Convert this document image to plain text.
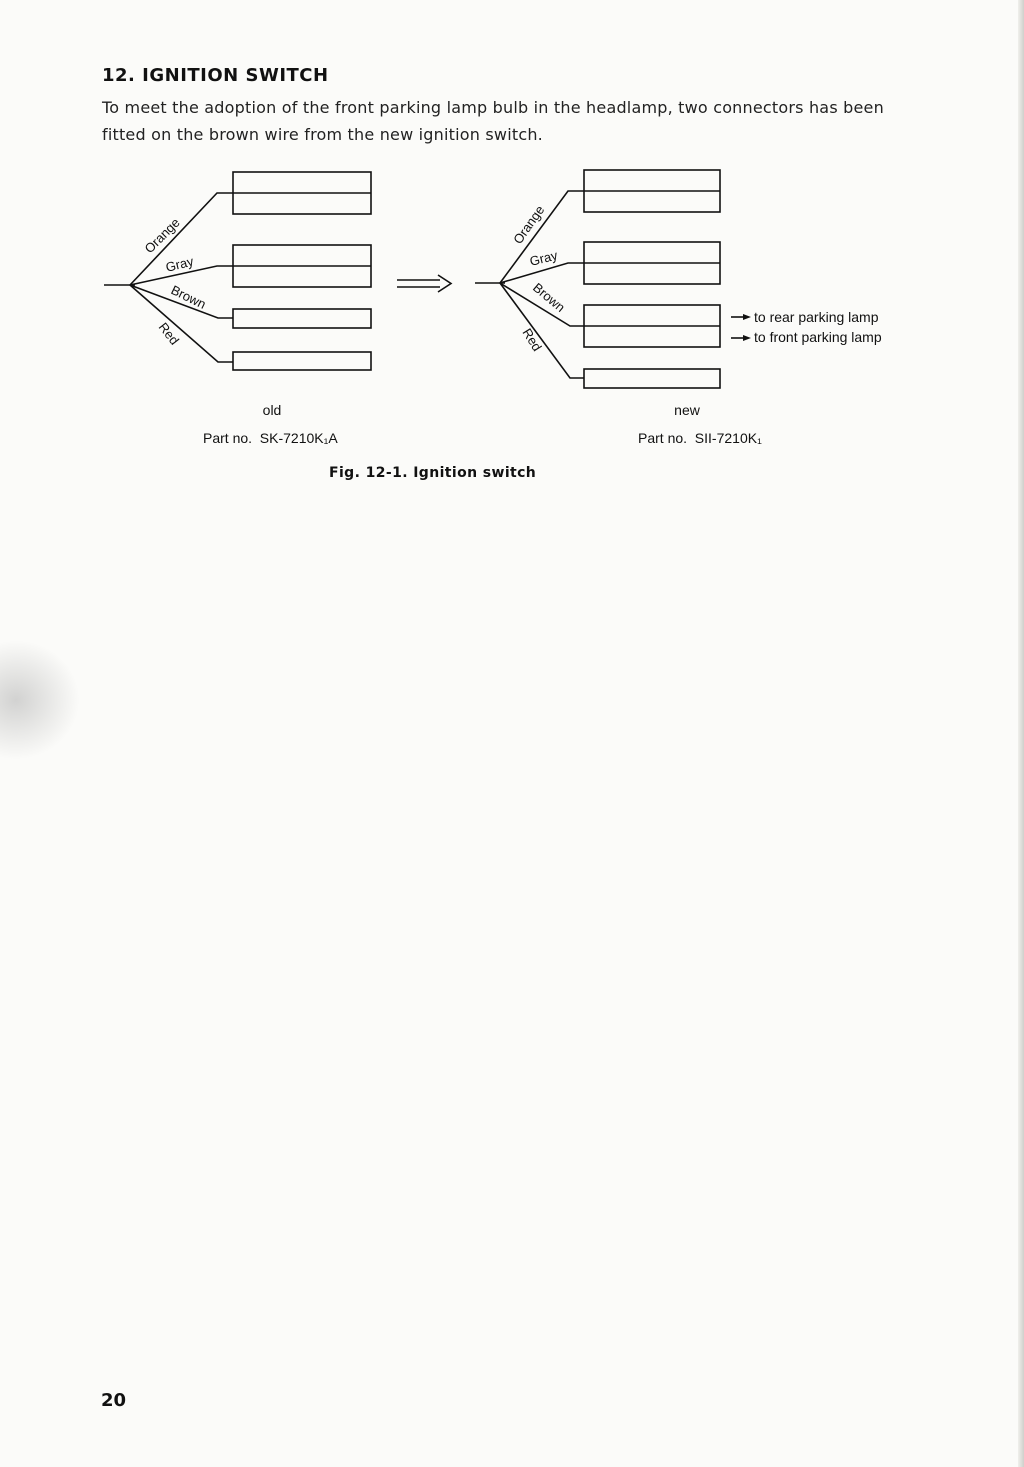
12. IGNITION SWITCH

To meet the adoption of the front parking lamp bulb in the headlamp, two connectors has been fitted on the brown wire from the new ignition switch.

Orange
Gray
Brown
Red
Orange
Gray
Brown
Red
to rear parking lamp
to front parking lamp
old
Part no.  SK-7210K₁A
new
Part no.  SII-7210K₁

Fig. 12-1. Ignition switch

20
